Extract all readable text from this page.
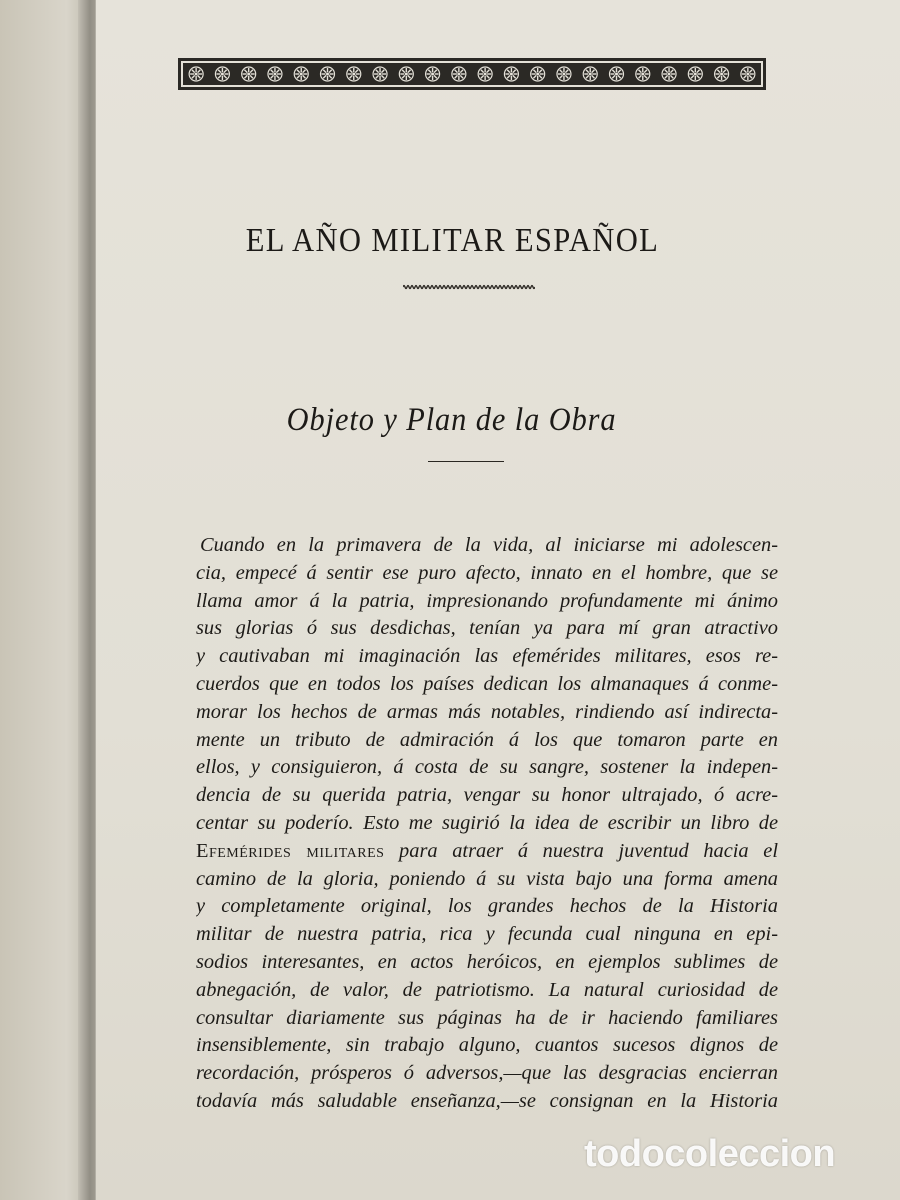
EL AÑO MILITAR ESPAÑOL
Objeto y Plan de la Obra
Cuando en la primavera de la vida, al iniciarse mi adolescen-
cia, empecé á sentir ese puro afecto, innato en el hombre, que se
llama amor á la patria, impresionando profundamente mi ánimo
sus glorias ó sus desdichas, tenían ya para mí gran atractivo
y cautivaban mi imaginación las efemérides militares, esos re-
cuerdos que en todos los países dedican los almanaques á conme-
morar los hechos de armas más notables, rindiendo así indirecta-
mente un tributo de admiración á los que tomaron parte en
ellos, y consiguieron, á costa de su sangre, sostener la indepen-
dencia de su querida patria, vengar su honor ultrajado, ó acre-
centar su poderío. Esto me sugirió la idea de escribir un libro de
Efemérides militares para atraer á nuestra juventud hacia el
camino de la gloria, poniendo á su vista bajo una forma amena
y completamente original, los grandes hechos de la Historia
militar de nuestra patria, rica y fecunda cual ninguna en epi-
sodios interesantes, en actos heróicos, en ejemplos sublimes de
abnegación, de valor, de patriotismo. La natural curiosidad de
consultar diariamente sus páginas ha de ir haciendo familiares
insensiblemente, sin trabajo alguno, cuantos sucesos dignos de
recordación, prósperos ó adversos,—que las desgracias encierran
todavía más saludable enseñanza,—se consignan en la Historia
todocoleccion
